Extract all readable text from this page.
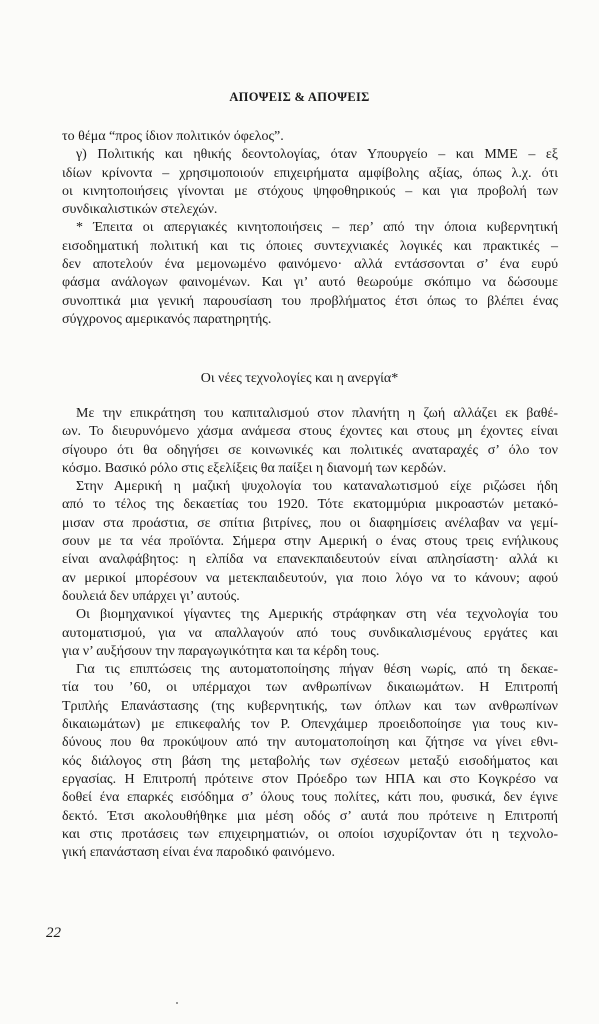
ΑΠΟΨΕΙΣ & ΑΠΟΨΕΙΣ
το θέμα “προς ίδιον πολιτικόν όφελος”.
γ) Πολιτικής και ηθικής δεοντολογίας, όταν Υπουργείο – και ΜΜΕ – εξ
ιδίων κρίνοντα – χρησιμοποιούν επιχειρήματα αμφίβολης αξίας, όπως λ.χ. ότι
οι κινητοποιήσεις γίνονται με στόχους ψηφοθηρικούς – και για προβολή των
συνδικαλιστικών στελεχών.
* Έπειτα οι απεργιακές κινητοποιήσεις – περ’ από την όποια κυβερνητική
εισοδηματική πολιτική και τις όποιες συντεχνιακές λογικές και πρακτικές –
δεν αποτελούν ένα μεμονωμένο φαινόμενο· αλλά εντάσσονται σ’ ένα ευρύ
φάσμα ανάλογων φαινομένων. Και γι’ αυτό θεωρούμε σκόπιμο να δώσουμε
συνοπτικά μια γενική παρουσίαση του προβλήματος έτσι όπως το βλέπει ένας
σύγχρονος αμερικανός παρατηρητής.
Οι νέες τεχνολογίες και η ανεργία*
Με την επικράτηση του καπιταλισμού στον πλανήτη η ζωή αλλάζει εκ βαθέ-
ων. Το διευρυνόμενο χάσμα ανάμεσα στους έχοντες και στους μη έχοντες είναι
σίγουρο ότι θα οδηγήσει σε κοινωνικές και πολιτικές αναταραχές σ’ όλο τον
κόσμο. Βασικό ρόλο στις εξελίξεις θα παίξει η διανομή των κερδών.
Στην Αμερική η μαζική ψυχολογία του καταναλωτισμού είχε ριζώσει ήδη
από το τέλος της δεκαετίας του 1920. Τότε εκατομμύρια μικροαστών μετακό-
μισαν στα προάστια, σε σπίτια βιτρίνες, που οι διαφημίσεις ανέλαβαν να γεμί-
σουν με τα νέα προϊόντα. Σήμερα στην Αμερική ο ένας στους τρεις ενήλικους
είναι αναλφάβητος: η ελπίδα να επανεκπαιδευτούν είναι απλησίαστη· αλλά κι
αν μερικοί μπορέσουν να μετεκπαιδευτούν, για ποιο λόγο να το κάνουν; αφού
δουλειά δεν υπάρχει γι’ αυτούς.
Οι βιομηχανικοί γίγαντες της Αμερικής στράφηκαν στη νέα τεχνολογία του
αυτοματισμού, για να απαλλαγούν από τους συνδικαλισμένους εργάτες και
για ν’ αυξήσουν την παραγωγικότητα και τα κέρδη τους.
Για τις επιπτώσεις της αυτοματοποίησης πήγαν θέση νωρίς, από τη δεκαε-
τία του ’60, οι υπέρμαχοι των ανθρωπίνων δικαιωμάτων. Η Επιτροπή
Τριπλής Επανάστασης (της κυβερνητικής, των όπλων και των ανθρωπίνων
δικαιωμάτων) με επικεφαλής τον Ρ. Οπενχάιμερ προειδοποίησε για τους κιν-
δύνους που θα προκύψουν από την αυτοματοποίηση και ζήτησε να γίνει εθνι-
κός διάλογος στη βάση της μεταβολής των σχέσεων μεταξύ εισοδήματος και
εργασίας. Η Επιτροπή πρότεινε στον Πρόεδρο των ΗΠΑ και στο Κογκρέσο να
δοθεί ένα επαρκές εισόδημα σ’ όλους τους πολίτες, κάτι που, φυσικά, δεν έγινε
δεκτό. Έτσι ακολουθήθηκε μια μέση οδός σ’ αυτά που πρότεινε η Επιτροπή
και στις προτάσεις των επιχειρηματιών, οι οποίοι ισχυρίζονταν ότι η τεχνολο-
γική επανάσταση είναι ένα παροδικό φαινόμενο.
22
